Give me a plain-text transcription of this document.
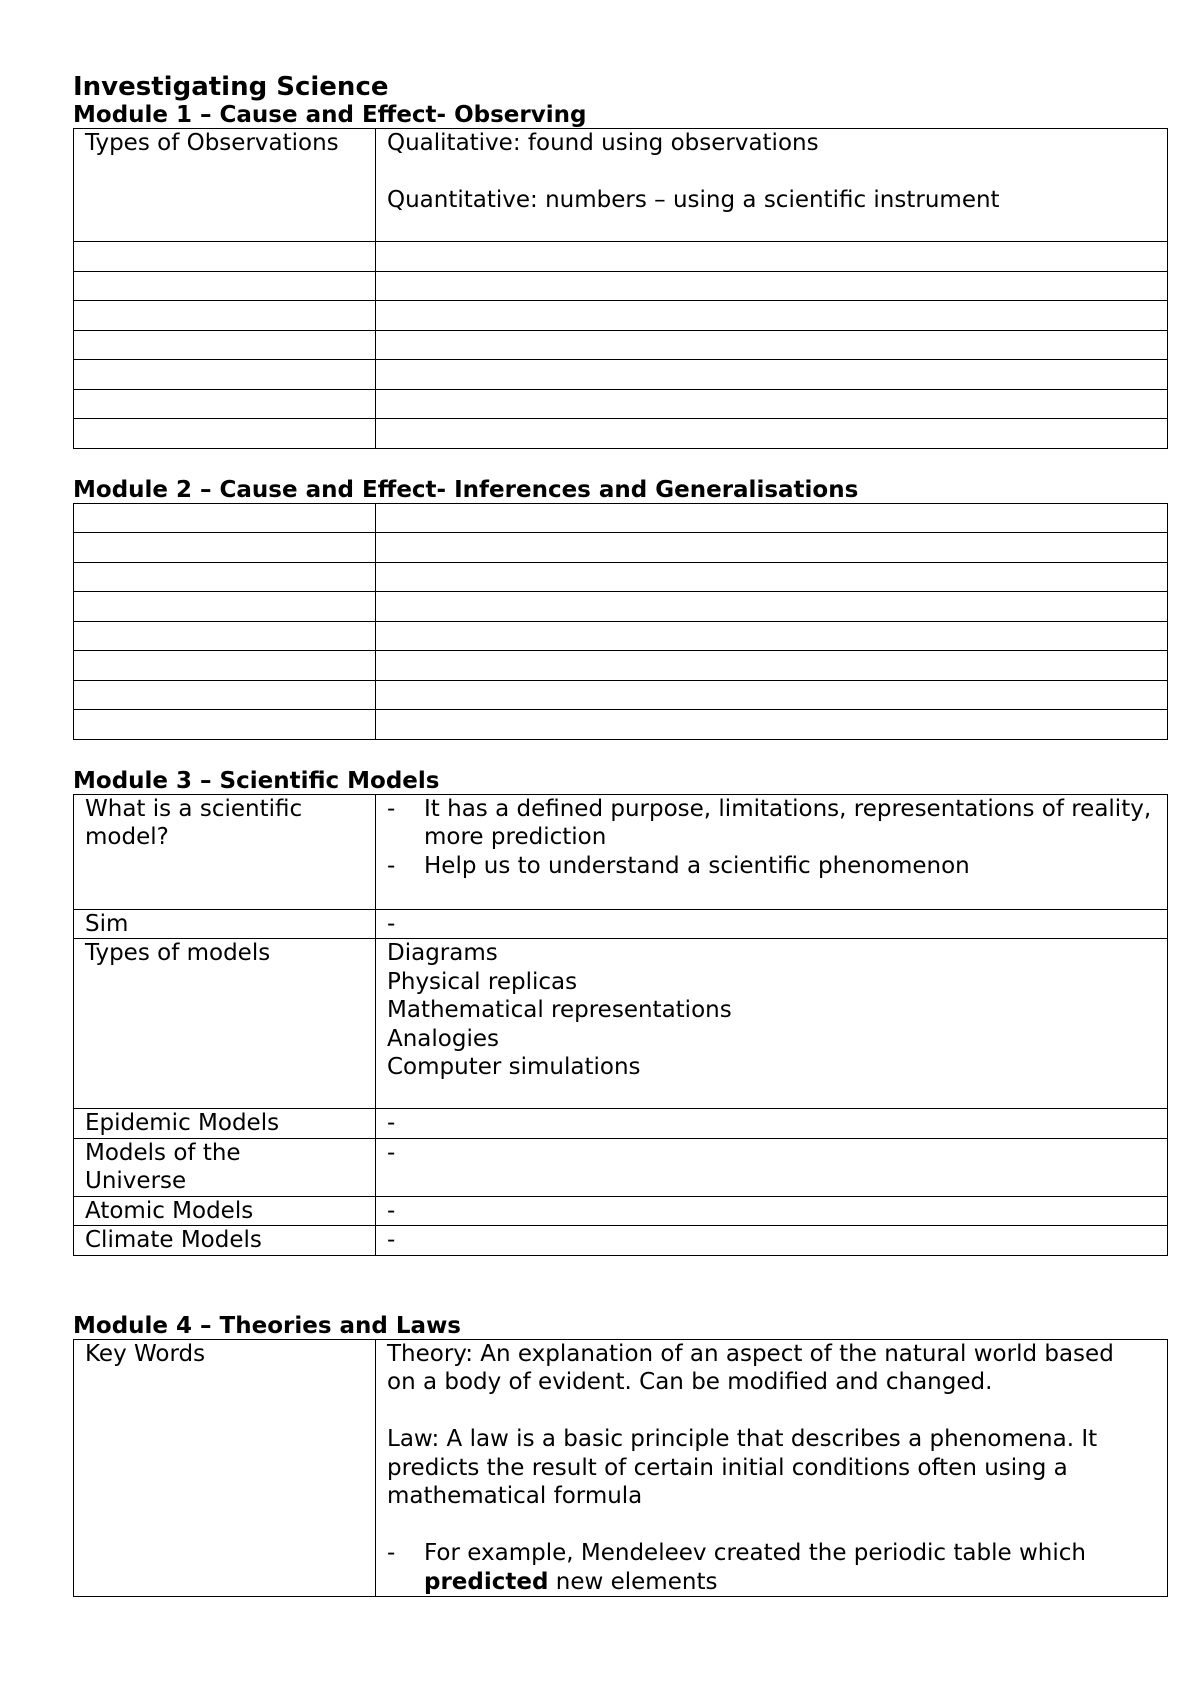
Investigating Science
Module 1 – Cause and Effect- Observing
Types of Observations	Qualitative: found using observations

Quantitative: numbers – using a scientific instrument

Module 2 – Cause and Effect- Inferences and Generalisations

Module 3 – Scientific Models
What is a scientific model?	- It has a defined purpose, limitations, representations of reality, more prediction
- Help us to understand a scientific phenomenon

Sim	-
Types of models	Diagrams
Physical replicas
Mathematical representations
Analogies
Computer simulations

Epidemic Models	-
Models of the Universe	-
Atomic Models	-
Climate Models	-
Module 4 – Theories and Laws
Key Words	Theory: An explanation of an aspect of the natural world based on a body of evident. Can be modified and changed.

Law: A law is a basic principle that describes a phenomena. It predicts the result of certain initial conditions often using a mathematical formula

- For example, Mendeleev created the periodic table which predicted new elements
